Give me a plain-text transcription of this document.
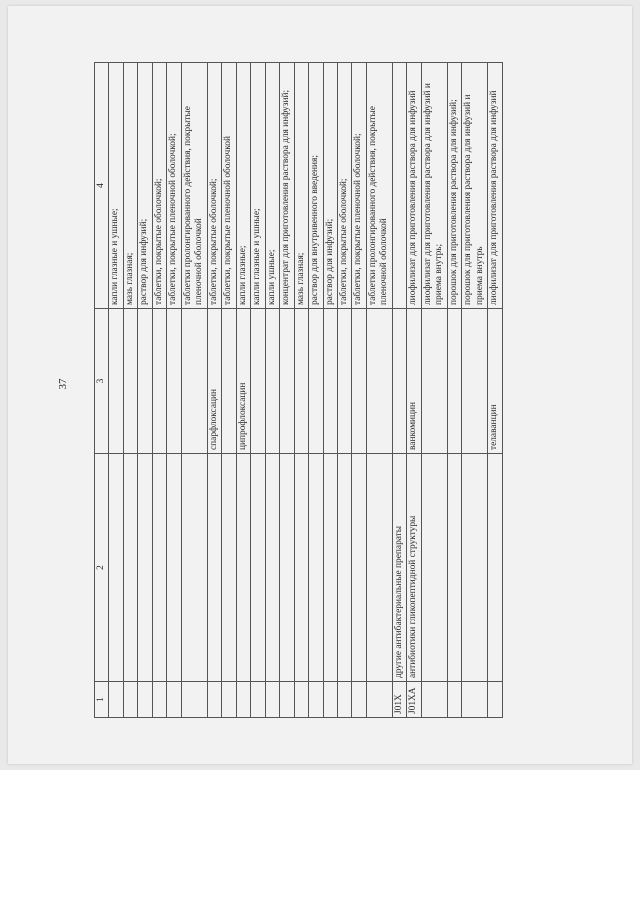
37
1	2	3	4
			капли глазные и ушные;
			мазь глазная;
			раствор для инфузий;
			таблетки, покрытые оболочкой;
			таблетки, покрытые пленочной оболочкой;
			таблетки пролонгированного действия, покрытые пленочной оболочкой
		спарфлоксацин	таблетки, покрытые оболочкой;
			таблетки, покрытые пленочной оболочкой
		ципрофлоксацин	капли глазные;
			капли глазные и ушные;
			капли ушные;
			концентрат для приготовления раствора для инфузий;
			мазь глазная;
			раствор для внутривенного введения;
			раствор для инфузий;
			таблетки, покрытые оболочкой;
			таблетки, покрытые пленочной оболочкой;
			таблетки пролонгированного действия, покрытые пленочной оболочкой
J01X	другие антибактериальные препараты		
J01XA	антибиотики гликопептидной структуры	ванкомицин	лиофилизат для приготовления раствора для инфузий
			лиофилизат для приготовления раствора для инфузий и приема внутрь;
			порошок для приготовления раствора для инфузий;
			порошок для приготовления раствора для инфузий и приема внутрь
		телаванцин	лиофилизат для приготовления раствора для инфузий
